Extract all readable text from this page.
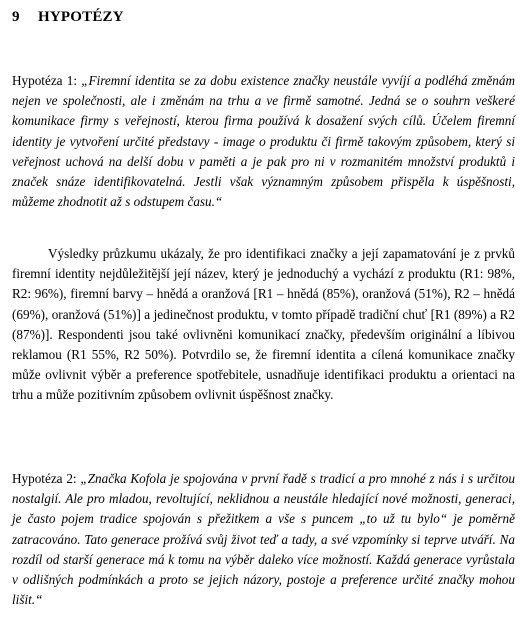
9 HYPOTÉZY

Hypotéza 1: „Firemní identita se za dobu existence značky neustále vyvíjí a podléhá změnám nejen ve společnosti, ale i změnám na trhu a ve firmě samotné. Jedná se o souhrn veškeré komunikace firmy s veřejností, kterou firma používá k dosažení svých cílů. Účelem firemní identity je vytvoření určité představy - image o produktu či firmě takovým způsobem, který si veřejnost uchová na delší dobu v paměti a je pak pro ni v rozmanitém množství produktů i značek snáze identifikovatelná. Jestli však významným způsobem přispěla k úspěšnosti, můžeme zhodnotit až s odstupem času.“

Výsledky průzkumu ukázaly, že pro identifikaci značky a její zapamatování je z prvků firemní identity nejdůležitější její název, který je jednoduchý a vychází z produktu (R1: 98%, R2: 96%), firemní barvy – hnědá a oranžová [R1 – hnědá (85%), oranžová (51%), R2 – hnědá (69%), oranžová (51%)] a jedinečnost produktu, v tomto případě tradiční chuť [R1 (89%) a R2 (87%)]. Respondenti jsou také ovlivněni komunikací značky, především originální a líbivou reklamou (R1 55%, R2 50%). Potvrdilo se, že firemní identita a cílená komunikace značky může ovlivnit výběr a preference spotřebitele, usnadňuje identifikaci produktu a orientaci na trhu a může pozitivním způsobem ovlivnit úspěšnost značky.

Hypotéza 2: „Značka Kofola je spojována v první řadě s tradicí a pro mnohé z nás i s určitou nostalgií. Ale pro mladou, revoltující, neklidnou a neustále hledající nové možnosti, generaci, je často pojem tradice spojován s přežitkem a vše s puncem „to už tu bylo“ je poměrně zatracováno. Tato generace prožívá svůj život teď a tady, a své vzpomínky si teprve utváří. Na rozdíl od starší generace má k tomu na výběr daleko více možností. Každá generace vyrůstala v odlišných podmínkách a proto se jejich názory, postoje a preference určité značky mohou lišit.“
